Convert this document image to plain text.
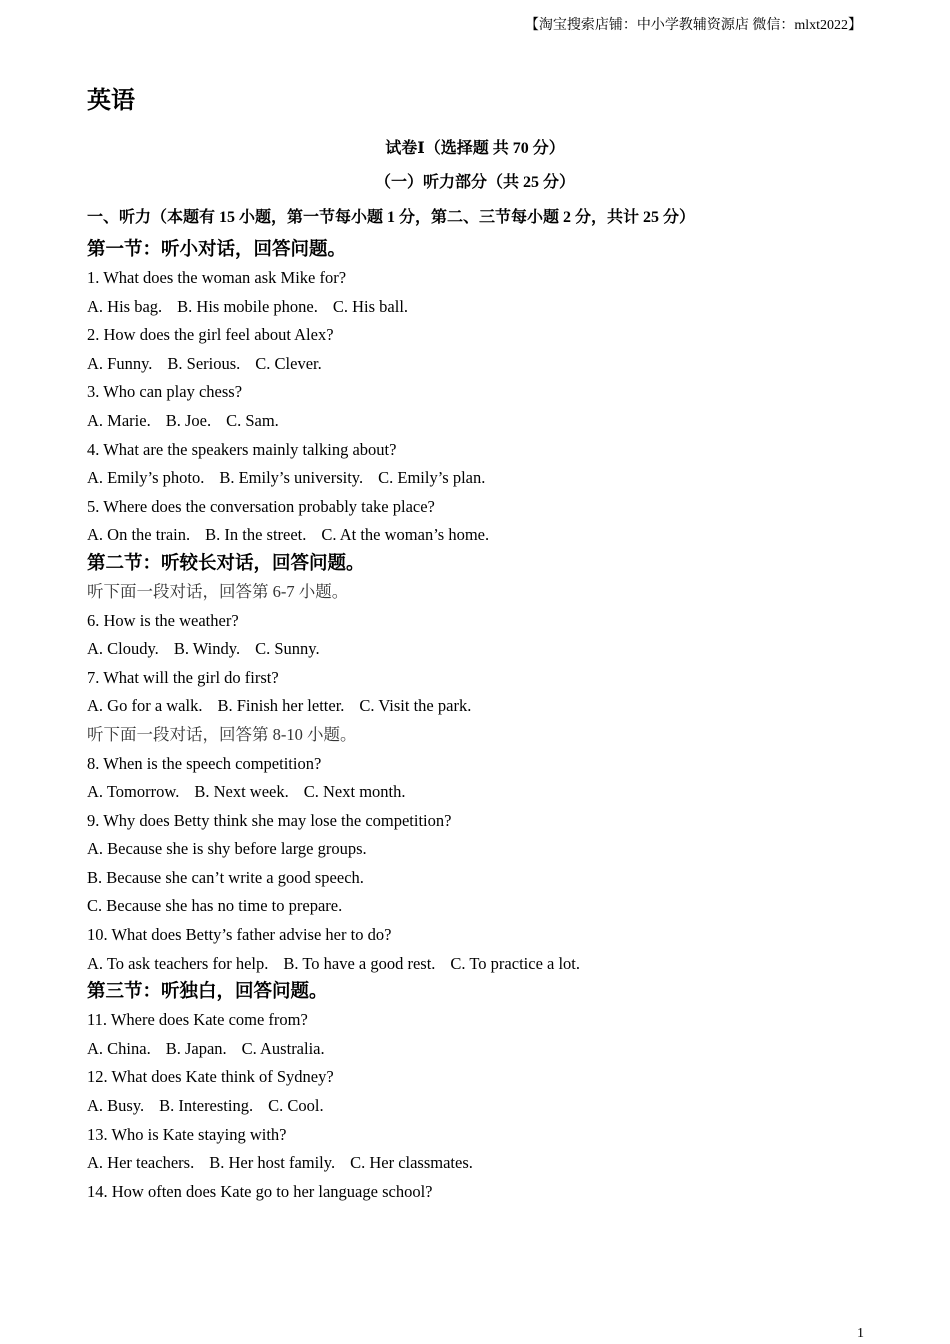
【淘宝搜索店铺：中小学教辅资源店 微信：mlxt2022】
英语
试卷Ⅰ（选择题 共 70 分）
（一）听力部分（共 25 分）
一、听力（本题有 15 小题，第一节每小题 1 分，第二、三节每小题 2 分，共计 25 分）
第一节：听小对话，回答问题。
1. What does the woman ask Mike for?
A. His bag. B. His mobile phone. C. His ball.
2. How does the girl feel about Alex?
A. Funny. B. Serious. C. Clever.
3. Who can play chess?
A. Marie. B. Joe. C. Sam.
4. What are the speakers mainly talking about?
A. Emily’s photo. B. Emily’s university. C. Emily’s plan.
5. Where does the conversation probably take place?
A. On the train. B. In the street. C. At the woman’s home.
第二节：听较长对话，回答问题。
听下面一段对话，回答第 6-7 小题。
6. How is the weather?
A. Cloudy. B. Windy. C. Sunny.
7. What will the girl do first?
A. Go for a walk. B. Finish her letter. C. Visit the park.
听下面一段对话，回答第 8-10 小题。
8. When is the speech competition?
A. Tomorrow. B. Next week. C. Next month.
9. Why does Betty think she may lose the competition?
A. Because she is shy before large groups.
B. Because she can’t write a good speech.
C. Because she has no time to prepare.
10. What does Betty’s father advise her to do?
A. To ask teachers for help. B. To have a good rest. C. To practice a lot.
第三节：听独白，回答问题。
11. Where does Kate come from?
A. China. B. Japan. C. Australia.
12. What does Kate think of Sydney?
A. Busy. B. Interesting. C. Cool.
13. Who is Kate staying with?
A. Her teachers. B. Her host family. C. Her classmates.
14. How often does Kate go to her language school?
1
